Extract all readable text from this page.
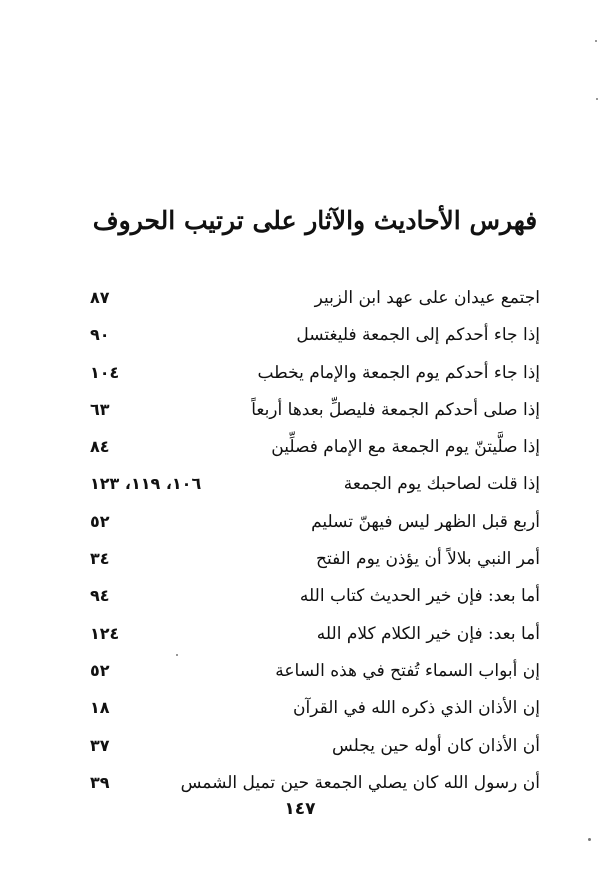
فهرس الأحاديث والآثار على ترتيب الحروف
٨٧	اجتمع عيدان على عهد ابن الزبير
٩٠	إذا جاء أحدكم إلى الجمعة فليغتسل
١٠٤	إذا جاء أحدكم يوم الجمعة والإمام يخطب
٦٣	إذا صلى أحدكم الجمعة فليصلِّ بعدها أربعاً
٨٤	إذا صلَّيتنّ يوم الجمعة مع الإمام فصلِّين
١٠٦، ١١٩، ١٢٣	إذا قلت لصاحبك يوم الجمعة
٥٢	أربع قبل الظهر ليس فيهنّ تسليم
٣٤	أمر النبي بلالاً أن يؤذن يوم الفتح
٩٤	أما بعد: فإن خير الحديث كتاب الله
١٢٤	أما بعد: فإن خير الكلام كلام الله
٥٢	إن أبواب السماء تُفتح في هذه الساعة
١٨	إن الأذان الذي ذكره الله في القرآن
٣٧	أن الأذان كان أوله حين يجلس
٣٩	أن رسول الله كان يصلي الجمعة حين تميل الشمس
١٤٧
